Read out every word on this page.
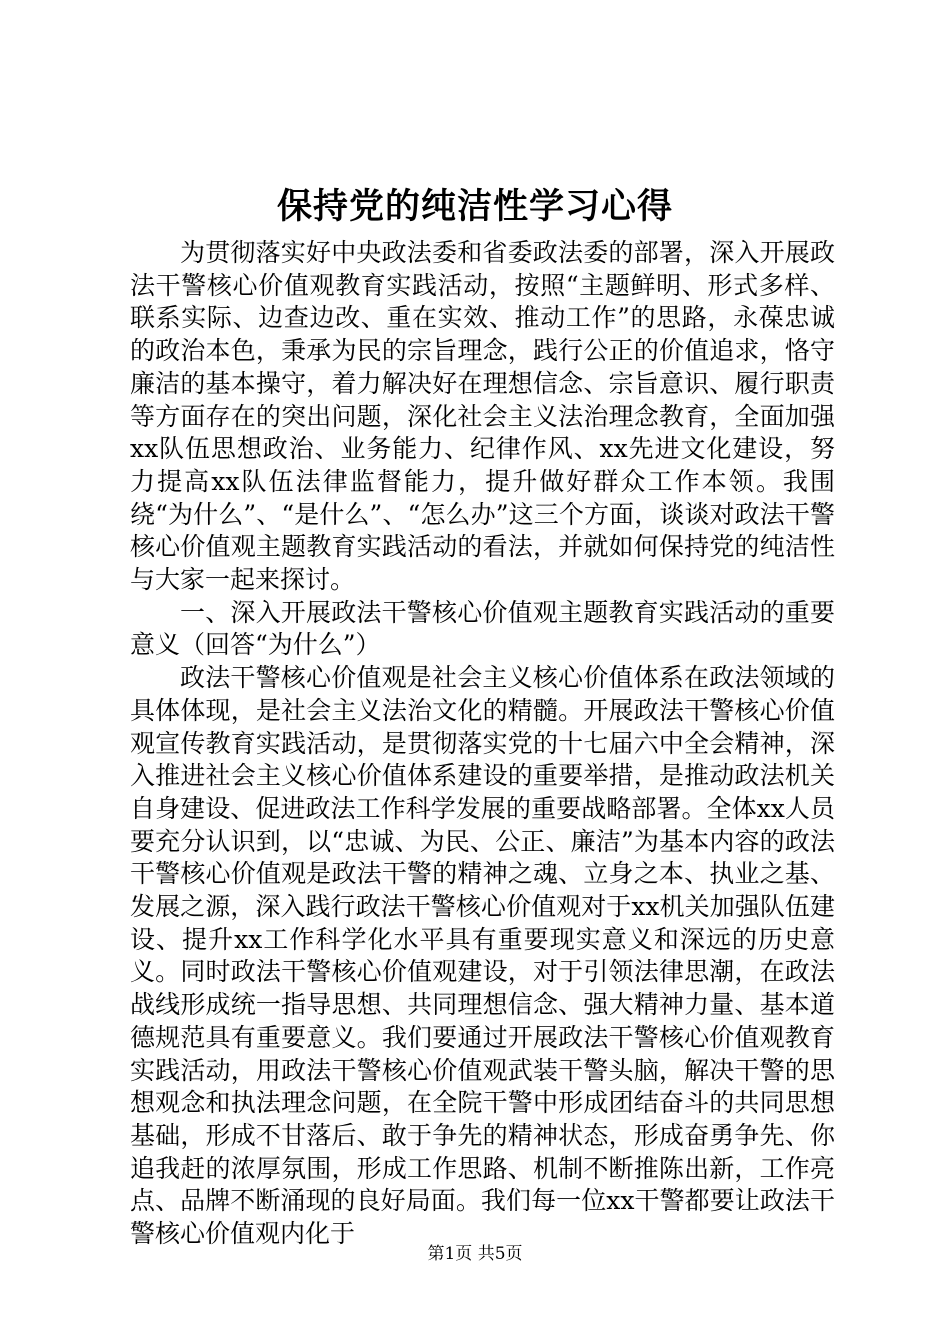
保持党的纯洁性学习心得

为贯彻落实好中央政法委和省委政法委的部署，深入开展政法干警核心价值观教育实践活动，按照“主题鲜明、形式多样、联系实际、边查边改、重在实效、推动工作”的思路，永葆忠诚的政治本色，秉承为民的宗旨理念，践行公正的价值追求，恪守廉洁的基本操守，着力解决好在理想信念、宗旨意识、履行职责等方面存在的突出问题，深化社会主义法治理念教育，全面加强xx队伍思想政治、业务能力、纪律作风、xx先进文化建设，努力提高xx队伍法律监督能力，提升做好群众工作本领。我围绕“为什么”、“是什么”、“怎么办”这三个方面，谈谈对政法干警核心价值观主题教育实践活动的看法，并就如何保持党的纯洁性与大家一起来探讨。

一、深入开展政法干警核心价值观主题教育实践活动的重要意义（回答“为什么”）

政法干警核心价值观是社会主义核心价值体系在政法领域的具体体现，是社会主义法治文化的精髓。开展政法干警核心价值观宣传教育实践活动，是贯彻落实党的十七届六中全会精神，深入推进社会主义核心价值体系建设的重要举措，是推动政法机关自身建设、促进政法工作科学发展的重要战略部署。全体xx人员要充分认识到，以“忠诚、为民、公正、廉洁”为基本内容的政法干警核心价值观是政法干警的精神之魂、立身之本、执业之基、发展之源，深入践行政法干警核心价值观对于xx机关加强队伍建设、提升xx工作科学化水平具有重要现实意义和深远的历史意义。同时政法干警核心价值观建设，对于引领法律思潮，在政法战线形成统一指导思想、共同理想信念、强大精神力量、基本道德规范具有重要意义。我们要通过开展政法干警核心价值观教育实践活动，用政法干警核心价值观武装干警头脑，解决干警的思想观念和执法理念问题，在全院干警中形成团结奋斗的共同思想基础，形成不甘落后、敢于争先的精神状态，形成奋勇争先、你追我赶的浓厚氛围，形成工作思路、机制不断推陈出新，工作亮点、品牌不断涌现的良好局面。我们每一位xx干警都要让政法干警核心价值观内化于

第1页 共5页
